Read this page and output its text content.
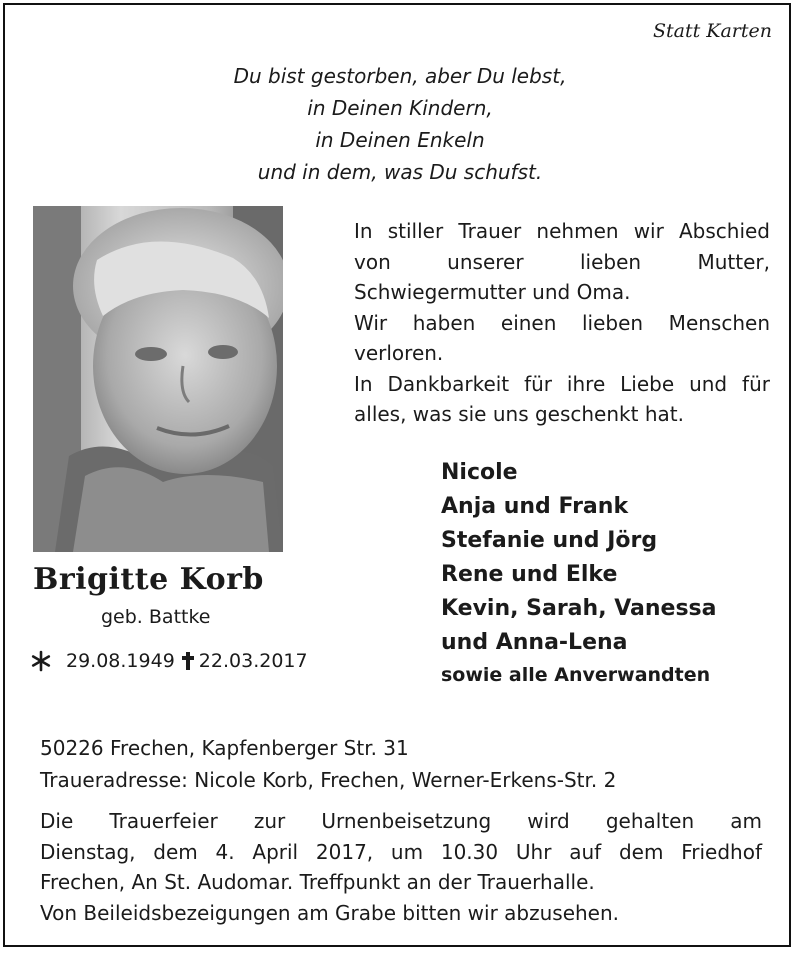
Statt Karten
Du bist gestorben, aber Du lebst,
in Deinen Kindern,
in Deinen Enkeln
und in dem, was Du schufst.
In stiller Trauer nehmen wir Abschied
von unserer lieben Mutter,
Schwiegermutter und Oma.
Wir haben einen lieben Menschen
verloren.
In Dankbarkeit für ihre Liebe und für
alles, was sie uns geschenkt hat.
Nicole
Anja und Frank
Stefanie und Jörg
Rene und Elke
Kevin, Sarah, Vanessa
und Anna-Lena
sowie alle Anverwandten
Brigitte Korb
geb. Battke
29.08.1949 22.03.2017
50226 Frechen, Kapfenberger Str. 31
Traueradresse: Nicole Korb, Frechen, Werner-Erkens-Str. 2
Die Trauerfeier zur Urnenbeisetzung wird gehalten am
Dienstag, dem 4. April 2017, um 10.30 Uhr auf dem Friedhof
Frechen, An St. Audomar. Treffpunkt an der Trauerhalle.
Von Beileidsbezeigungen am Grabe bitten wir abzusehen.
